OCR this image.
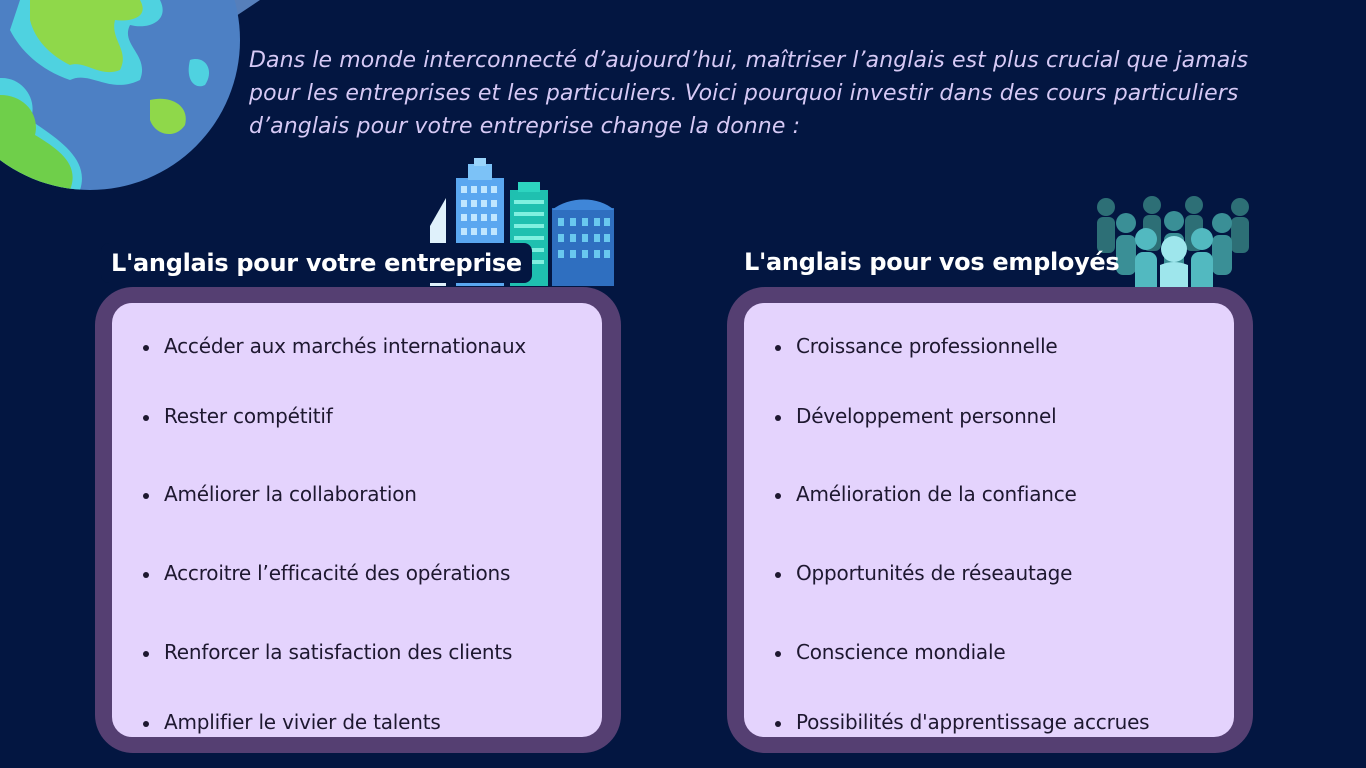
Dans le monde interconnecté d’aujourd’hui, maîtriser l’anglais est plus crucial que jamais
pour les entreprises et les particuliers. Voici pourquoi investir dans des cours particuliers
d’anglais pour votre entreprise change la donne :
Accéder aux marchés internationaux
Rester compétitif
Améliorer la collaboration
Accroitre l’efficacité des opérations
Renforcer la satisfaction des clients
Amplifier le vivier de talents
L'anglais pour votre entreprise
Croissance professionnelle
Développement personnel
Amélioration de la confiance
Opportunités de réseautage
Conscience mondiale
Possibilités d'apprentissage accrues
L'anglais pour vos employés
